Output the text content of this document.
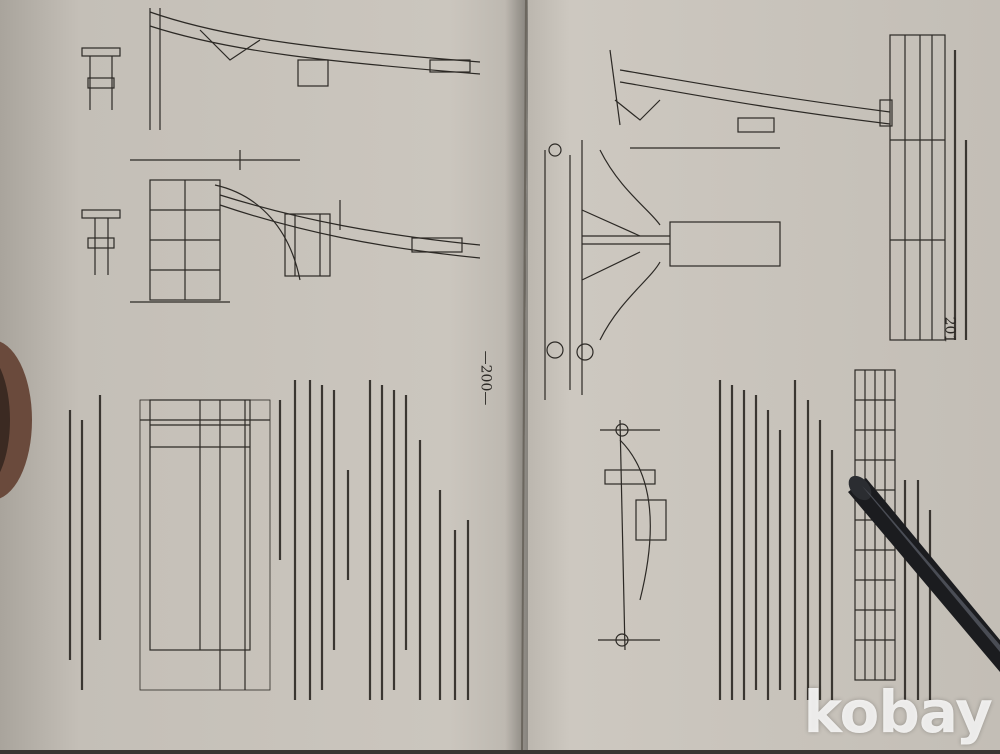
—200—
201
kobay
